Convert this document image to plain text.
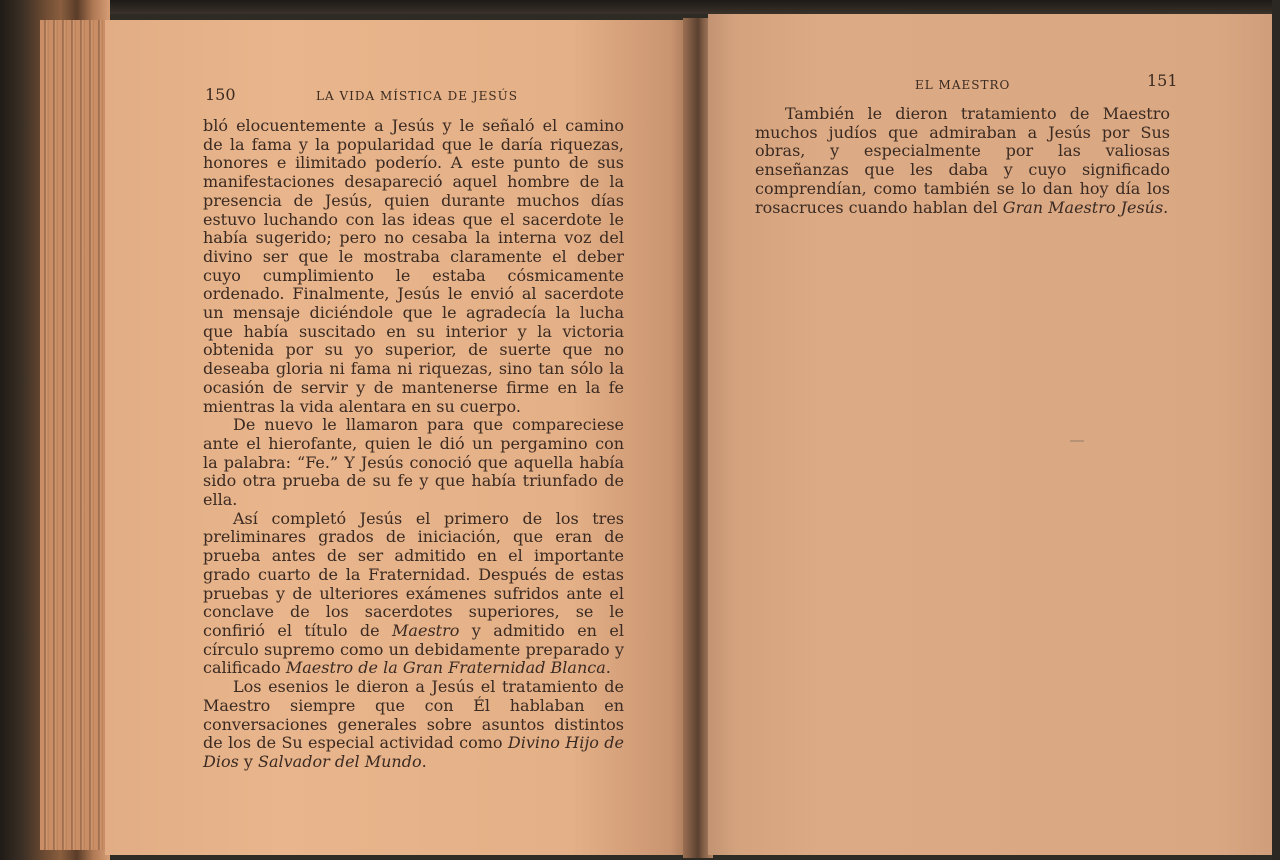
150	LA VIDA MÍSTICA DE JESÚS

bló elocuentemente a Jesús y le señaló el camino de la fama y la popularidad que le daría riquezas, honores e ilimitado poderío. A este punto de sus manifestaciones desapareció aquel hombre de la presencia de Jesús, quien durante muchos días estuvo luchando con las ideas que el sacerdote le había sugerido; pero no cesaba la interna voz del divino ser que le mostraba claramente el deber cuyo cumplimiento le estaba cósmicamente ordenado. Finalmente, Jesús le envió al sacerdote un mensaje diciéndole que le agradecía la lucha que había suscitado en su interior y la victoria obtenida por su yo superior, de suerte que no deseaba gloria ni fama ni riquezas, sino tan sólo la ocasión de servir y de mantenerse firme en la fe mientras la vida alentara en su cuerpo.

De nuevo le llamaron para que compareciese ante el hierofante, quien le dió un pergamino con la palabra: “Fe.” Y Jesús conoció que aquella había sido otra prueba de su fe y que había triunfado de ella.

Así completó Jesús el primero de los tres preliminares grados de iniciación, que eran de prueba antes de ser admitido en el importante grado cuarto de la Fraternidad. Después de estas pruebas y de ulteriores exámenes sufridos ante el conclave de los sacerdotes superiores, se le confirió el título de Maestro y admitido en el círculo supremo como un debidamente preparado y calificado Maestro de la Gran Fraternidad Blanca.

Los esenios le dieron a Jesús el tratamiento de Maestro siempre que con Él hablaban en conversaciones generales sobre asuntos distintos de los de Su especial actividad como Divino Hijo de Dios y Salvador del Mundo.

EL MAESTRO	151

También le dieron tratamiento de Maestro muchos judíos que admiraban a Jesús por Sus obras, y especialmente por las valiosas enseñanzas que les daba y cuyo significado comprendían, como también se lo dan hoy día los rosacruces cuando hablan del Gran Maestro Jesús.
